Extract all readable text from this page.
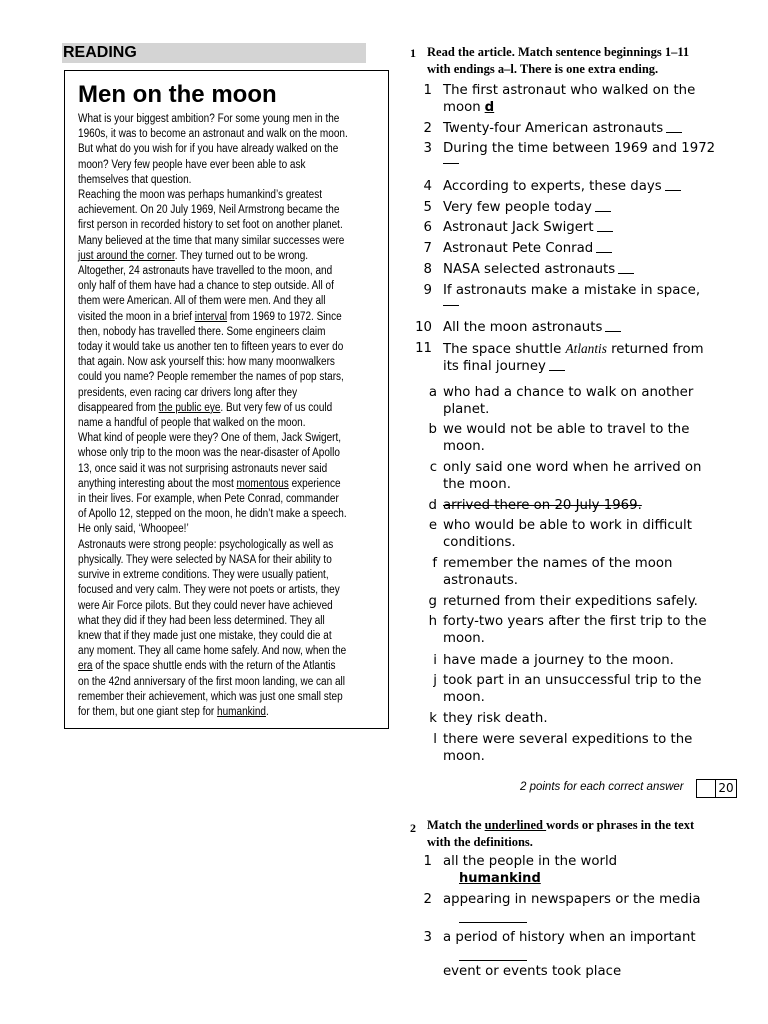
READING
Men on the moon
What is your biggest ambition? For some young men in the
1960s, it was to become an astronaut and walk on the moon.
But what do you wish for if you have already walked on the
moon? Very few people have ever been able to ask
themselves that question.
Reaching the moon was perhaps humankind’s greatest
achievement. On 20 July 1969, Neil Armstrong became the
first person in recorded history to set foot on another planet.
Many believed at the time that many similar successes were
just around the corner. They turned out to be wrong.
Altogether, 24 astronauts have travelled to the moon, and
only half of them have had a chance to step outside. All of
them were American. All of them were men. And they all
visited the moon in a brief interval from 1969 to 1972. Since
then, nobody has travelled there. Some engineers claim
today it would take us another ten to fifteen years to ever do
that again. Now ask yourself this: how many moonwalkers
could you name? People remember the names of pop stars,
presidents, even racing car drivers long after they
disappeared from the public eye. But very few of us could
name a handful of people that walked on the moon.
What kind of people were they? One of them, Jack Swigert,
whose only trip to the moon was the near-disaster of Apollo
13, once said it was not surprising astronauts never said
anything interesting about the most momentous experience
in their lives. For example, when Pete Conrad, commander
of Apollo 12, stepped on the moon, he didn’t make a speech.
He only said, ‘Whoopee!’
Astronauts were strong people: psychologically as well as
physically. They were selected by NASA for their ability to
survive in extreme conditions. They were usually patient,
focused and very calm. They were not poets or artists, they
were Air Force pilots. But they could never have achieved
what they did if they had been less determined. They all
knew that if they made just one mistake, they could die at
any moment. They all came home safely. And now, when the
era of the space shuttle ends with the return of the Atlantis
on the 42nd anniversary of the first moon landing, we can all
remember their achievement, which was just one small step
for them, but one giant step for humankind.
1 Read the article. Match sentence beginnings 1–11
with endings a–l. There is one extra ending.
1 The first astronaut who walked on the
moon d
2 Twenty-four American astronauts
3 During the time between 1969 and 1972
4 According to experts, these days
5 Very few people today
6 Astronaut Jack Swigert
7 Astronaut Pete Conrad
8 NASA selected astronauts
9 If astronauts make a mistake in space,
10 All the moon astronauts
11 The space shuttle Atlantis returned from
its final journey
a who had a chance to walk on another
planet.
b we would not be able to travel to the
moon.
c only said one word when he arrived on
the moon.
d arrived there on 20 July 1969.
e who would be able to work in difficult
conditions.
f remember the names of the moon
astronauts.
g returned from their expeditions safely.
h forty-two years after the first trip to the
moon.
i have made a journey to the moon.
j took part in an unsuccessful trip to the
moon.
k they risk death.
l there were several expeditions to the
moon.
2 points for each correct answer	20
2 Match the underlined words or phrases in the text
with the definitions.
1 all the people in the world
humankind
2 appearing in newspapers or the media
3 a period of history when an important
event or events took place
